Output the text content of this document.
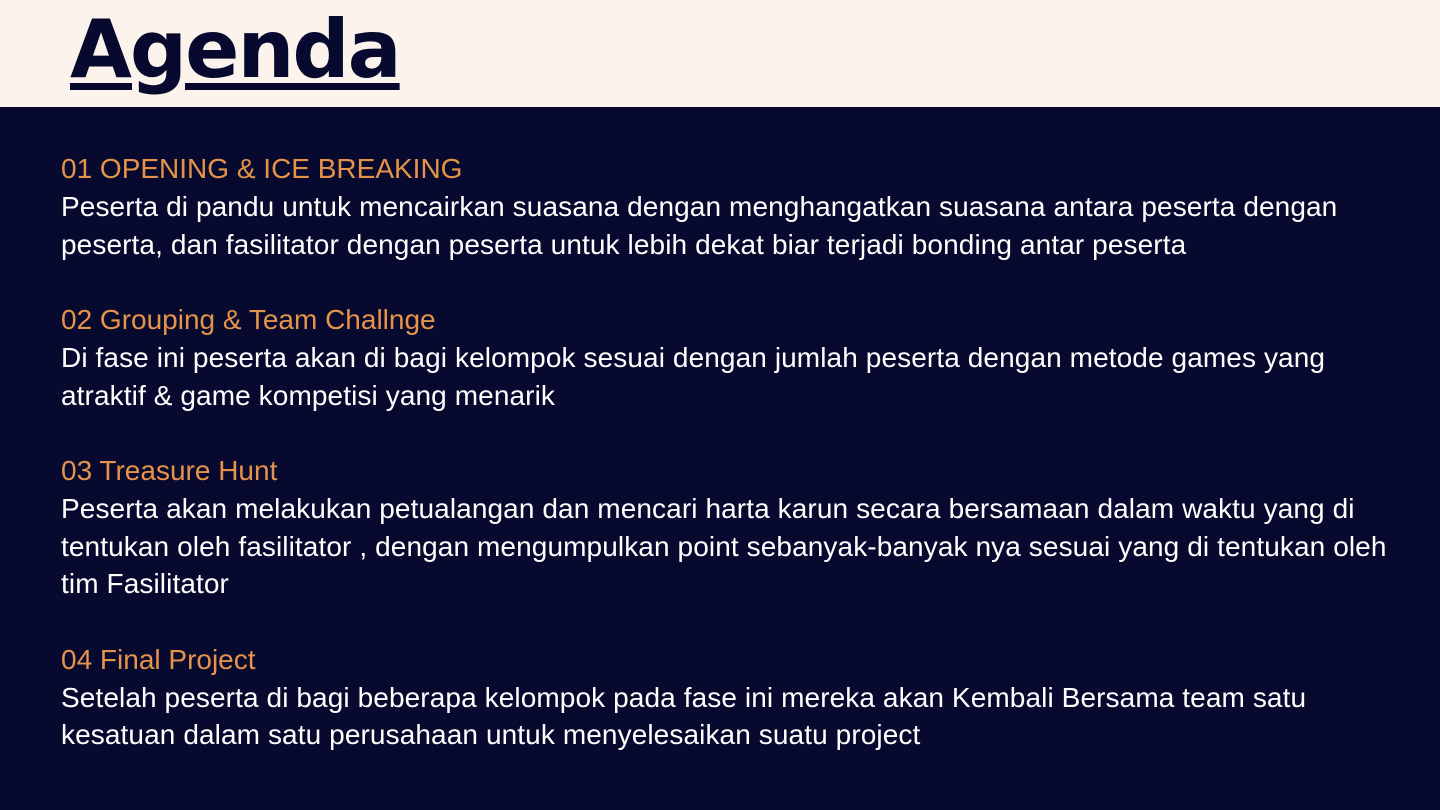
Agenda
01 OPENING & ICE BREAKING
Peserta di pandu untuk mencairkan suasana dengan menghangatkan suasana antara peserta dengan peserta, dan fasilitator dengan peserta untuk lebih dekat biar terjadi bonding antar peserta
02 Grouping & Team Challnge
Di fase ini peserta akan di bagi kelompok sesuai dengan jumlah peserta dengan metode games yang atraktif & game kompetisi yang menarik
03 Treasure Hunt
Peserta akan melakukan petualangan dan mencari harta karun secara bersamaan dalam waktu yang di tentukan oleh fasilitator , dengan mengumpulkan point sebanyak-banyak nya sesuai yang di tentukan oleh tim Fasilitator
04 Final Project
Setelah peserta di bagi beberapa kelompok pada fase ini mereka akan Kembali Bersama team satu kesatuan dalam satu perusahaan untuk menyelesaikan suatu project
